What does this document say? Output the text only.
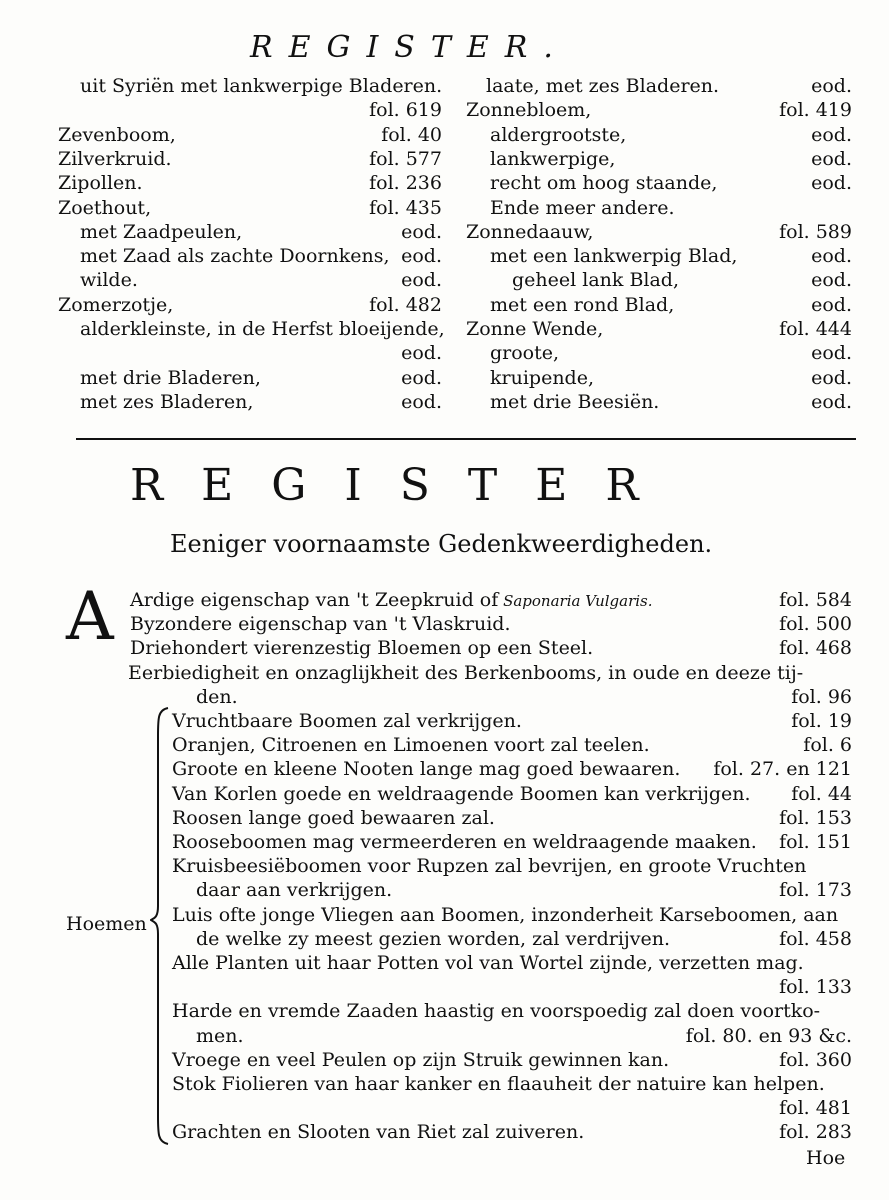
REGISTER.
uit Syriën met lankwerpige Bladeren.
fol. 619
Zevenboom,	fol. 40
Zilverkruid.	fol. 577
Zipollen.	fol. 236
Zoethout,	fol. 435
met Zaadpeulen,	eod.
met Zaad als zachte Doornkens, eod.
wilde.	eod.
Zomerzotje,	fol. 482
alderkleinste, in de Herfst bloeijende,
eod.
met drie Bladeren,	eod.
met zes Bladeren,	eod.
laate, met zes Bladeren.	eod.
Zonnebloem,	fol. 419
aldergrootste,	eod.
lankwerpige,	eod.
recht om hoog staande,	eod.
Ende meer andere.
Zonnedaauw,	fol. 589
met een lankwerpig Blad,	eod.
geheel lank Blad,	eod.
met een rond Blad,	eod.
Zonne Wende,	fol. 444
groote,	eod.
kruipende,	eod.
met drie Beesiën.	eod.
REGISTER
Eeniger voornaamste Gedenkweerdigheden.
A Ardige eigenschap van 't Zeepkruid of Saponaria Vulgaris.	fol. 584
Byzondere eigenschap van 't Vlaskruid.	fol. 500
Driehondert vierenzestig Bloemen op een Steel.	fol. 468
Eerbiedigheit en onzaglijkheit des Berkenbooms, in oude en deeze tij-
den.	fol. 96
Vruchtbaare Boomen zal verkrijgen.	fol. 19
Oranjen, Citroenen en Limoenen voort zal teelen.	fol. 6
Groote en kleene Nooten lange mag goed bewaaren.	fol. 27. en 121
Van Korlen goede en weldraagende Boomen kan verkrijgen.	fol. 44
Roosen lange goed bewaaren zal.	fol. 153
Rooseboomen mag vermeerderen en weldraagende maaken.	fol. 151
Kruisbeesiëboomen voor Rupzen zal bevrijen, en groote Vruchten
daar aan verkrijgen.	fol. 173
Luis ofte jonge Vliegen aan Boomen, inzonderheit Karseboomen, aan
de welke zy meest gezien worden, zal verdrijven.	fol. 458
Alle Planten uit haar Potten vol van Wortel zijnde, verzetten mag.
fol. 133
Harde en vremde Zaaden haastig en voorspoedig zal doen voortko-
men.	fol. 80. en 93 &c.
Vroege en veel Peulen op zijn Struik gewinnen kan.	fol. 360
Stok Fiolieren van haar kanker en flaauheit der natuire kan helpen.
fol. 481
Grachten en Slooten van Riet zal zuiveren.	fol. 283
Hoemen
Hoe
